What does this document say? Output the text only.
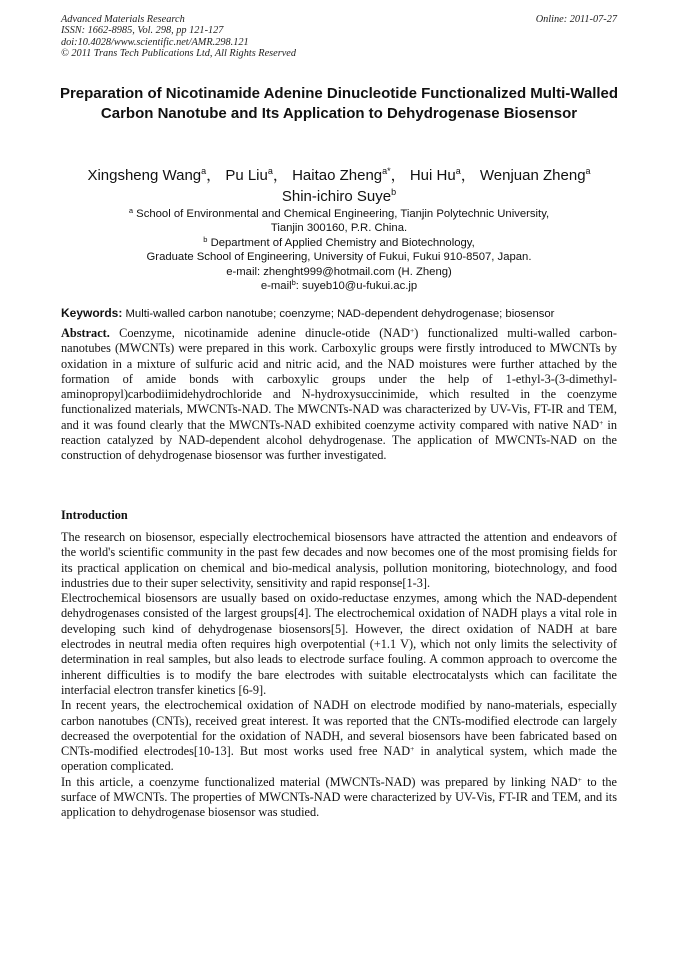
Advanced Materials Research
ISSN: 1662-8985, Vol. 298, pp 121-127
doi:10.4028/www.scientific.net/AMR.298.121
© 2011 Trans Tech Publications Ltd, All Rights Reserved
Online: 2011-07-27
Preparation of Nicotinamide Adenine Dinucleotide Functionalized Multi-Walled Carbon Nanotube and Its Application to Dehydrogenase Biosensor
Xingsheng Wang$^a$， Pu Liu$^a$， Haitao Zheng$^{a*}$， Hui Hu$^a$， Wenjuan Zheng$^a$
Shin-ichiro Suye$^b$
$^a$ School of Environmental and Chemical Engineering, Tianjin Polytechnic University,
Tianjin 300160, P.R. China.
$^b$ Department of Applied Chemistry and Biotechnology,
Graduate School of Engineering, University of Fukui, Fukui 910-8507, Japan.
e-mail: zhenght999@hotmail.com (H. Zheng)
e-mail$^b$: suyeb10@u-fukui.ac.jp
Keywords: Multi-walled carbon nanotube; coenzyme; NAD-dependent dehydrogenase; biosensor
Abstract. Coenzyme, nicotinamide adenine dinucle-otide (NAD+) functionalized multi-walled carbon-nanotubes (MWCNTs) were prepared in this work. Carboxylic groups were firstly introduced to MWCNTs by oxidation in a mixture of sulfuric acid and nitric acid, and the NAD moistures were further attached by the formation of amide bonds with carboxylic groups under the help of 1-ethyl-3-(3-dimethyl-aminopropyl)carbodiimidehydrochloride and N-hydroxysuccinimide, which resulted in the coenzyme functionalized materials, MWCNTs-NAD. The MWCNTs-NAD was characterized by UV-Vis, FT-IR and TEM, and it was found clearly that the MWCNTs-NAD exhibited coenzyme activity compared with native NAD+ in reaction catalyzed by NAD-dependent alcohol dehydrogenase. The application of MWCNTs-NAD on the construction of dehydrogenase biosensor was further investigated.
Introduction

The research on biosensor, especially electrochemical biosensors have attracted the attention and endeavors of the world's scientific community in the past few decades and now becomes one of the most promising fields for its practical application on chemical and bio-medical analysis, pollution monitoring, biotechnology, and food industries due to their super selectivity, sensitivity and rapid response[1-3].

Electrochemical biosensors are usually based on oxido-reductase enzymes, among which the NAD-dependent dehydrogenases consisted of the largest groups[4]. The electrochemical oxidation of NADH plays a vital role in developing such kind of dehydrogenase biosensors[5]. However, the direct oxidation of NADH at bare electrodes in neutral media often requires high overpotential (+1.1 V), which not only limits the selectivity of determination in real samples, but also leads to electrode surface fouling. A common approach to overcome the inherent difficulties is to modify the bare electrodes with suitable electrocatalysts which can facilitate the interfacial electron transfer kinetics [6-9].

In recent years, the electrochemical oxidation of NADH on electrode modified by nano-materials, especially carbon nanotubes (CNTs), received great interest. It was reported that the CNTs-modified electrode can largely decreased the overpotential for the oxidation of NADH, and several biosensors have been fabricated based on CNTs-modified electrodes[10-13]. But most works used free NAD+ in analytical system, which made the operation complicated.

In this article, a coenzyme functionalized material (MWCNTs-NAD) was prepared by linking NAD+ to the surface of MWCNTs. The properties of MWCNTs-NAD were characterized by UV-Vis, FT-IR and TEM, and its application to dehydrogenase biosensor was studied.
